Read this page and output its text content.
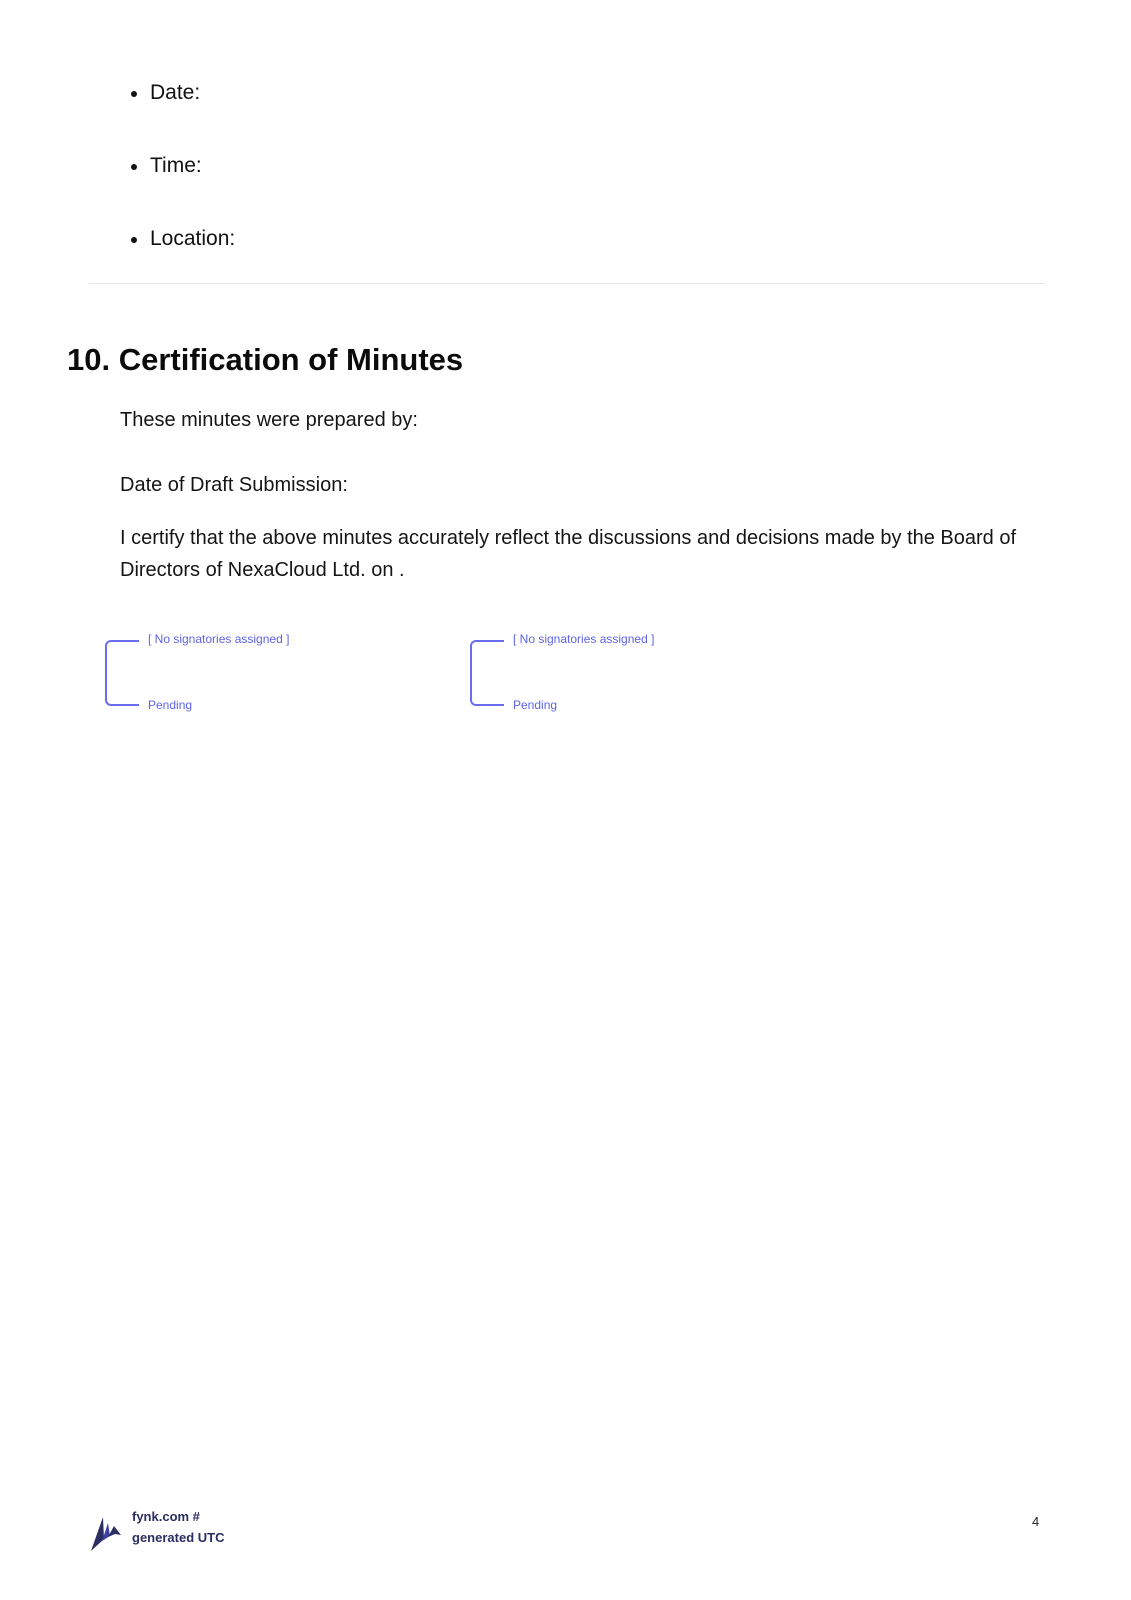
Date:
Time:
Location:
10. Certification of Minutes
These minutes were prepared by:
Date of Draft Submission:
I certify that the above minutes accurately reflect the discussions and decisions made by the Board of Directors of NexaCloud Ltd. on .
[ No signatories assigned ]
Pending
[ No signatories assigned ]
Pending
fynk.com #
generated UTC
4
